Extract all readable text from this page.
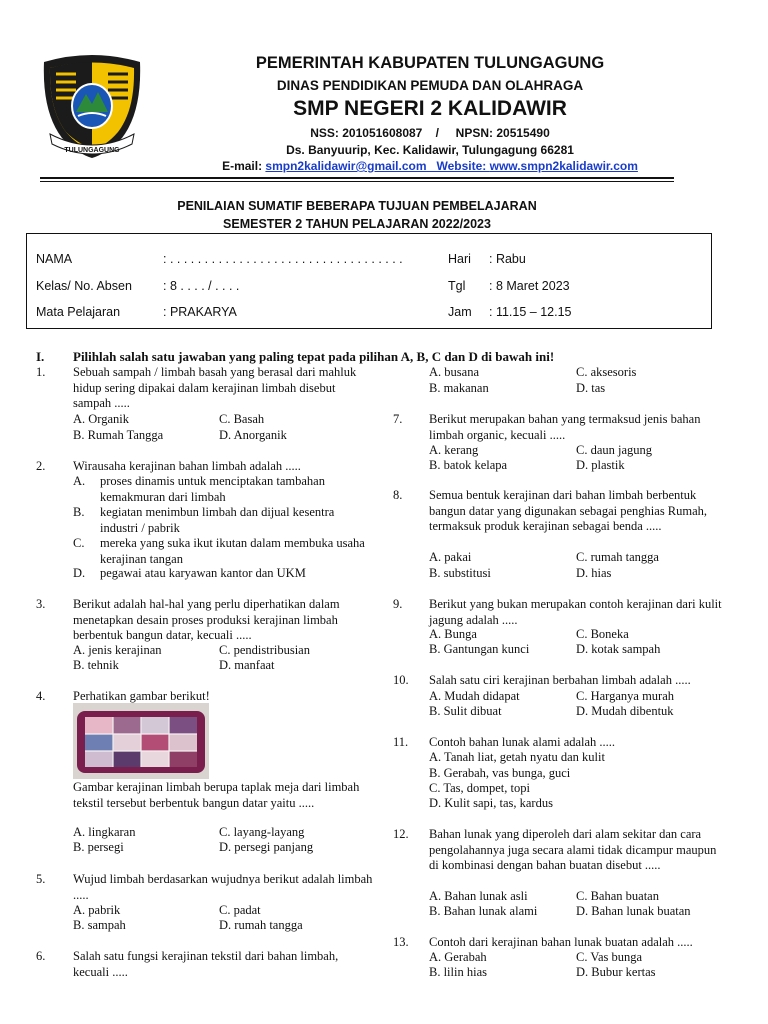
TULUNGAGUNG
PEMERINTAH KABUPATEN TULUNGAGUNG
DINAS PENDIDIKAN PEMUDA DAN OLAHRAGA
SMP NEGERI 2 KALIDAWIR
NSS: 201051608087    /     NPSN: 20515490
Ds. Banyuurip, Kec. Kalidawir, Tulungagung 66281
E-mail: smpn2kalidawir@gmail.com   Website: www.smpn2kalidawir.com
PENILAIAN SUMATIF BEBERAPA TUJUAN PEMBELAJARAN
SEMESTER 2 TAHUN PELAJARAN 2022/2023
NAMA	: . . . . . . . . . . . . . . . . . . . . . . . . . . . . . . . . . .
Kelas/ No. Absen : 8 . . . . / . . . .
Mata Pelajaran	: PRAKARYA
Hari : Rabu
Tgl : 8 Maret 2023
Jam : 11.15 – 12.15
I. Pilihlah salah satu jawaban yang paling tepat pada pilihan A, B, C dan D di bawah ini!
1. Sebuah sampah / limbah basah yang berasal dari mahluk hidup sering dipakai dalam kerajinan limbah disebut sampah .....
A. Organik
B. Rumah Tangga
C. Basah
D. Anorganik
2. Wirausaha kerajinan bahan limbah adalah .....
A. proses dinamis untuk menciptakan tambahan kemakmuran dari limbah
B. kegiatan menimbun limbah dan dijual kesentra industri / pabrik
C. mereka yang suka ikut ikutan dalam membuka usaha kerajinan tangan
D. pegawai atau karyawan kantor dan UKM
3. Berikut adalah hal-hal yang perlu diperhatikan dalam menetapkan desain proses produksi kerajinan limbah berbentuk bangun datar, kecuali .....
A. jenis kerajinan
B. tehnik
C. pendistribusian
D. manfaat
4. Perhatikan gambar berikut!
Gambar kerajinan limbah berupa taplak meja dari limbah tekstil tersebut berbentuk bangun datar yaitu .....
A. lingkaran
B. persegi
C. layang-layang
D. persegi panjang
5. Wujud limbah berdasarkan wujudnya berikut adalah limbah .....
A. pabrik
B. sampah
C. padat
D. rumah tangga
6. Salah satu fungsi kerajinan tekstil dari bahan limbah, kecuali .....
A. busana
B. makanan
C. aksesoris
D. tas
7. Berikut merupakan bahan yang termaksud jenis bahan limbah organic, kecuali .....
A. kerang
B. batok kelapa
C. daun jagung
D. plastik
8. Semua bentuk kerajinan dari bahan limbah berbentuk bangun datar yang digunakan sebagai penghias Rumah, termaksuk produk kerajinan sebagai benda .....
A. pakai
B. substitusi
C. rumah tangga
D. hias
9. Berikut yang bukan merupakan contoh kerajinan dari kulit jagung adalah .....
A. Bunga
B. Gantungan kunci
C. Boneka
D. kotak sampah
10. Salah satu ciri kerajinan berbahan limbah adalah .....
A. Mudah didapat
B. Sulit dibuat
C. Harganya murah
D. Mudah dibentuk
11. Contoh bahan lunak alami adalah .....
A. Tanah liat, getah nyatu dan kulit
B. Gerabah, vas bunga, guci
C. Tas, dompet, topi
D. Kulit sapi, tas, kardus
12. Bahan lunak yang diperoleh dari alam sekitar dan cara pengolahannya juga secara alami tidak dicampur maupun di kombinasi dengan bahan buatan disebut .....
A. Bahan lunak asli
B. Bahan lunak alami
C. Bahan buatan
D. Bahan lunak buatan
13. Contoh dari kerajinan bahan lunak buatan adalah .....
A. Gerabah
B. lilin hias
C. Vas bunga
D. Bubur kertas
